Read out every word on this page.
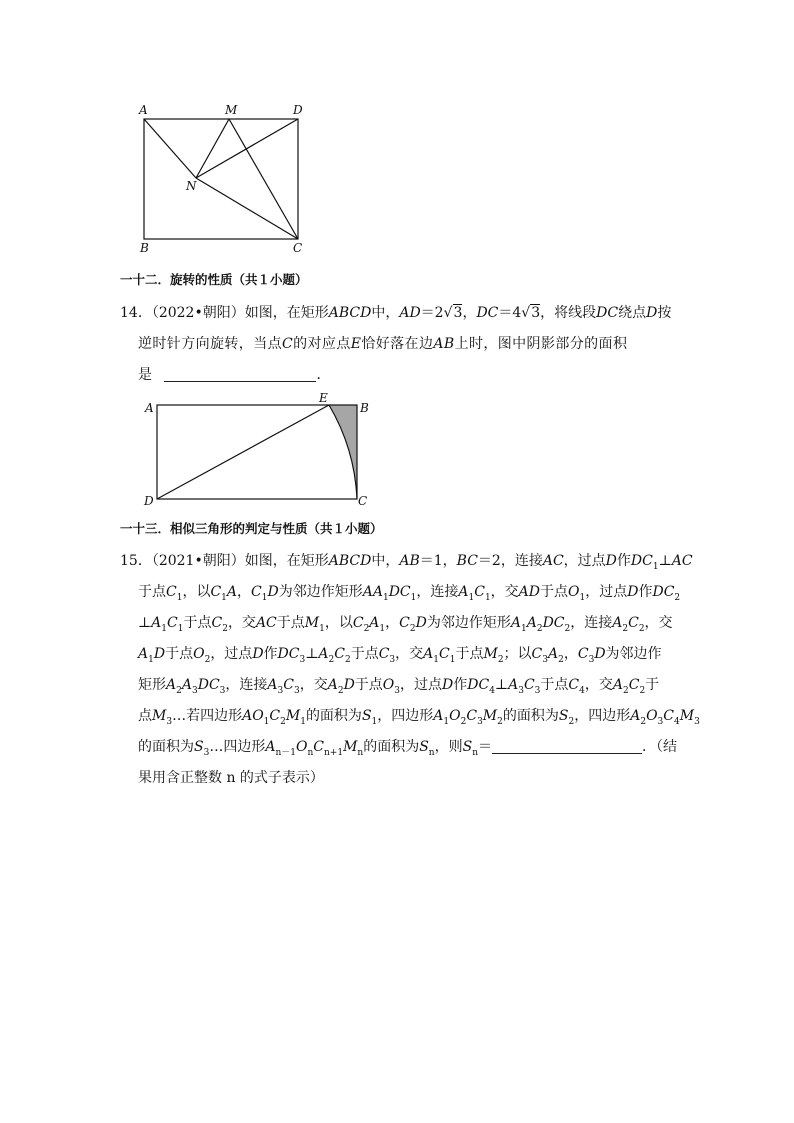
A	M	D
N
B	C
一十二．旋转的性质（共１小题）
14．（2022•朝阳）如图，在矩形ABCD中，AD＝2√3，DC＝4√3，将线段DC绕点D按
逆时针方向旋转，当点C的对应点E恰好落在边AB上时，图中阴影部分的面积
是	．
A
E
B
D	C
一十三．相似三角形的判定与性质（共１小题）
15．（2021•朝阳）如图，在矩形ABCD中，AB＝1，BC＝2，连接AC，过点D作$DC_1\perp AC$
于点$C_1$，以$C_1A$，$C_1D$为邻边作矩形$AA_1DC_1$，连接$A_1C_1$，交AD于点$O_1$，过点D作$DC_2$
$\perp A_1C_1$于点$C_2$，交AC于点$M_1$，以$C_2A_1$，$C_2D$为邻边作矩形$A_1A_2DC_2$，连接$A_2C_2$，交
$A_1D$于点$O_2$，过点D作$DC_3\perp A_2C_2$于点$C_3$，交$A_1C_1$于点$M_2$；以$C_3A_2$，$C_3D$为邻边作
矩形$A_2A_3DC_3$，连接$A_3C_3$，交$A_2D$于点$O_3$，过点D作$DC_4\perp A_3C_3$于点$C_4$，交$A_2C_2$于
点$M_3\dots$若四边形$AO_1C_2M_1$的面积为$S_1$，四边形$A_1O_2C_3M_2$的面积为$S_2$，四边形$A_2O_3C_4M_3$
的面积为$S_3\dots$四边形$A_{n-1}O_nC_{n+1}M_n$的面积为$S_n$，则$S_n=$	．（结
果用含正整数 n 的式子表示）
